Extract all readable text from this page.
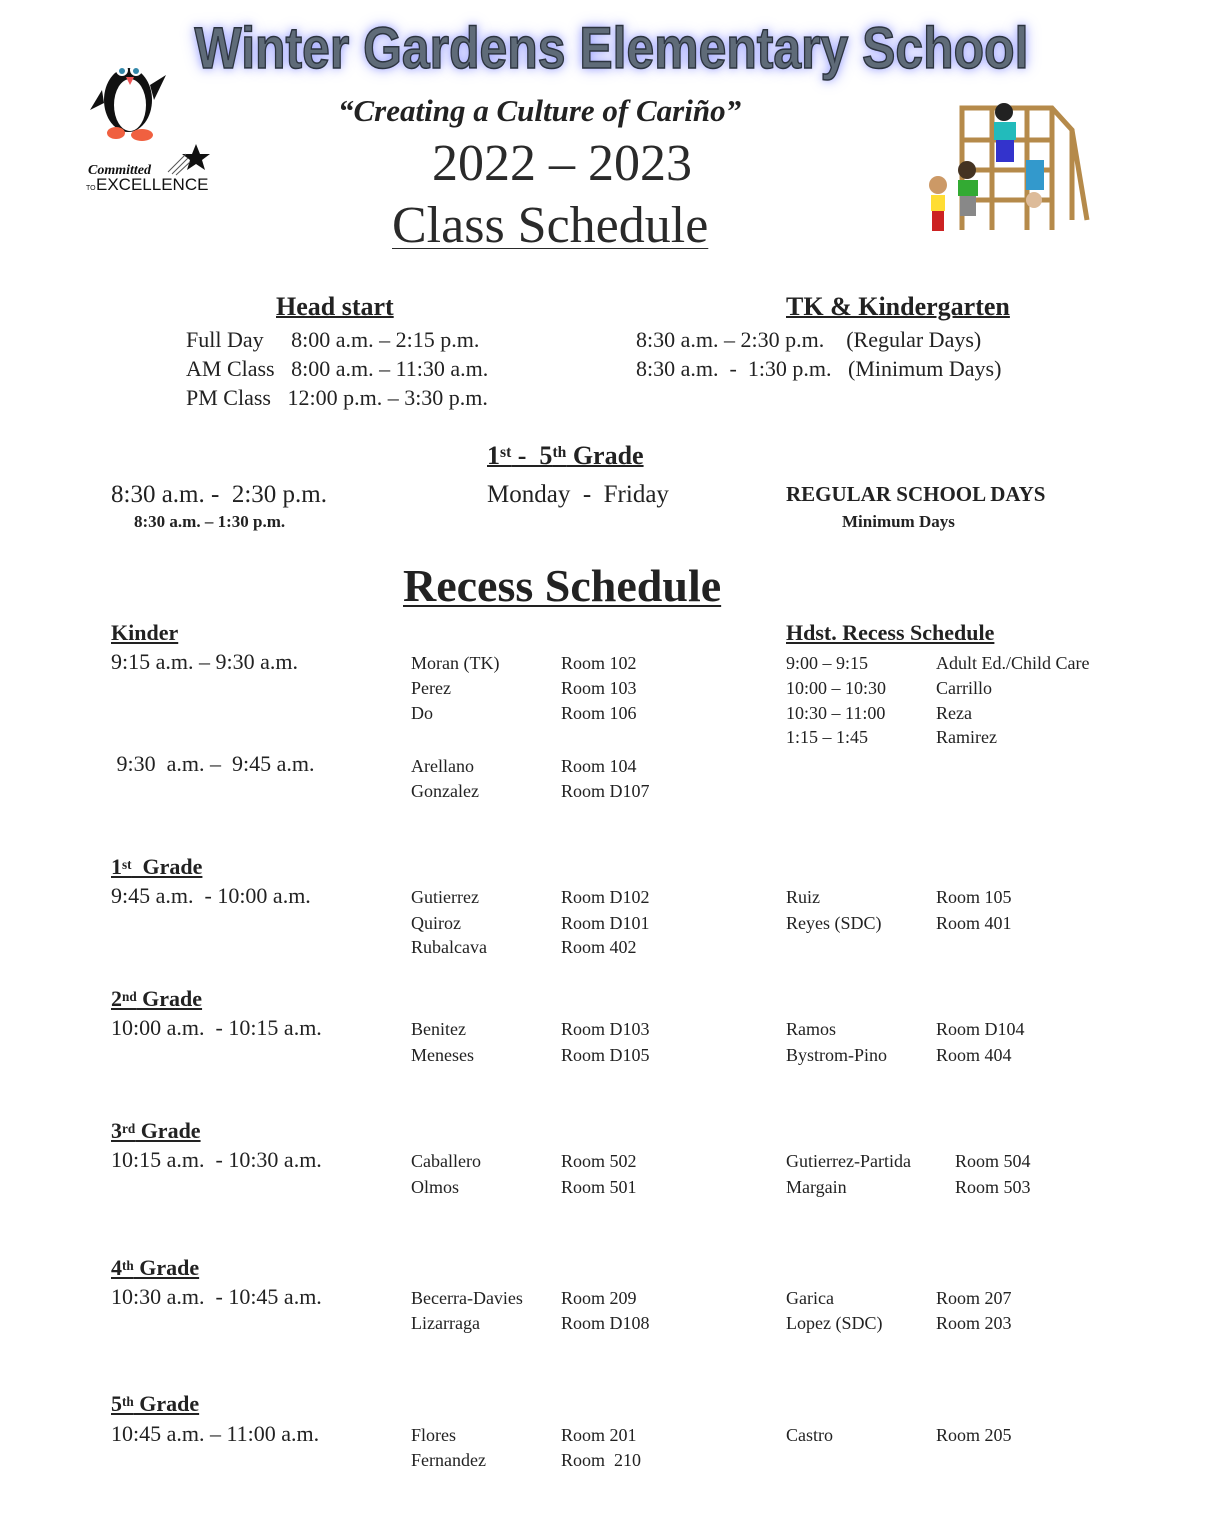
Winter Gardens Elementary School
Committed
EXCELLENCE
TO
“Creating a Culture of Cariño”
2022 – 2023
Class Schedule
Head start	TK & Kindergarten
Full Day     8:00 a.m. – 2:15 p.m.
AM Class   8:00 a.m. – 11:30 a.m.
PM Class   12:00 p.m. – 3:30 p.m.
8:30 a.m. – 2:30 p.m.    (Regular Days)
8:30 a.m.  -  1:30 p.m.   (Minimum Days)
1st -  5th Grade
8:30 a.m. -  2:30 p.m.	Monday  -  Friday	REGULAR SCHOOL DAYS
8:30 a.m. – 1:30 p.m.	Minimum Days
Recess Schedule
Kinder
9:15 a.m. – 9:30 a.m.	Moran (TK)	Room 102
Perez	Room 103
Do	Room 106
9:30  a.m. –  9:45 a.m.	Arellano	Room 104
Gonzalez	Room D107
Hdst. Recess Schedule
9:00 – 9:15	Adult Ed./Child Care
10:00 – 10:30	Carrillo
10:30 – 11:00	Reza
1:15 – 1:45	Ramirez
1st  Grade
9:45 a.m.  - 10:00 a.m.	Gutierrez	Room D102
Quiroz	Room D101
Rubalcava	Room 402
Ruiz	Room 105
Reyes (SDC)	Room 401
2nd Grade
10:00 a.m.  - 10:15 a.m.	Benitez	Room D103
Meneses	Room D105
Ramos	Room D104
Bystrom-Pino	Room 404
3rd Grade
10:15 a.m.  - 10:30 a.m.	Caballero	Room 502
Olmos	Room 501
Gutierrez-Partida Room 504
Margain	Room 503
4th Grade
10:30 a.m.  - 10:45 a.m.	Becerra-Davies Room 209
Lizarraga	Room D108
Garica	Room 207
Lopez (SDC)	Room 203
5th Grade
10:45 a.m. – 11:00 a.m.	Flores	Room 201
Fernandez	Room  210
Castro	Room 205
